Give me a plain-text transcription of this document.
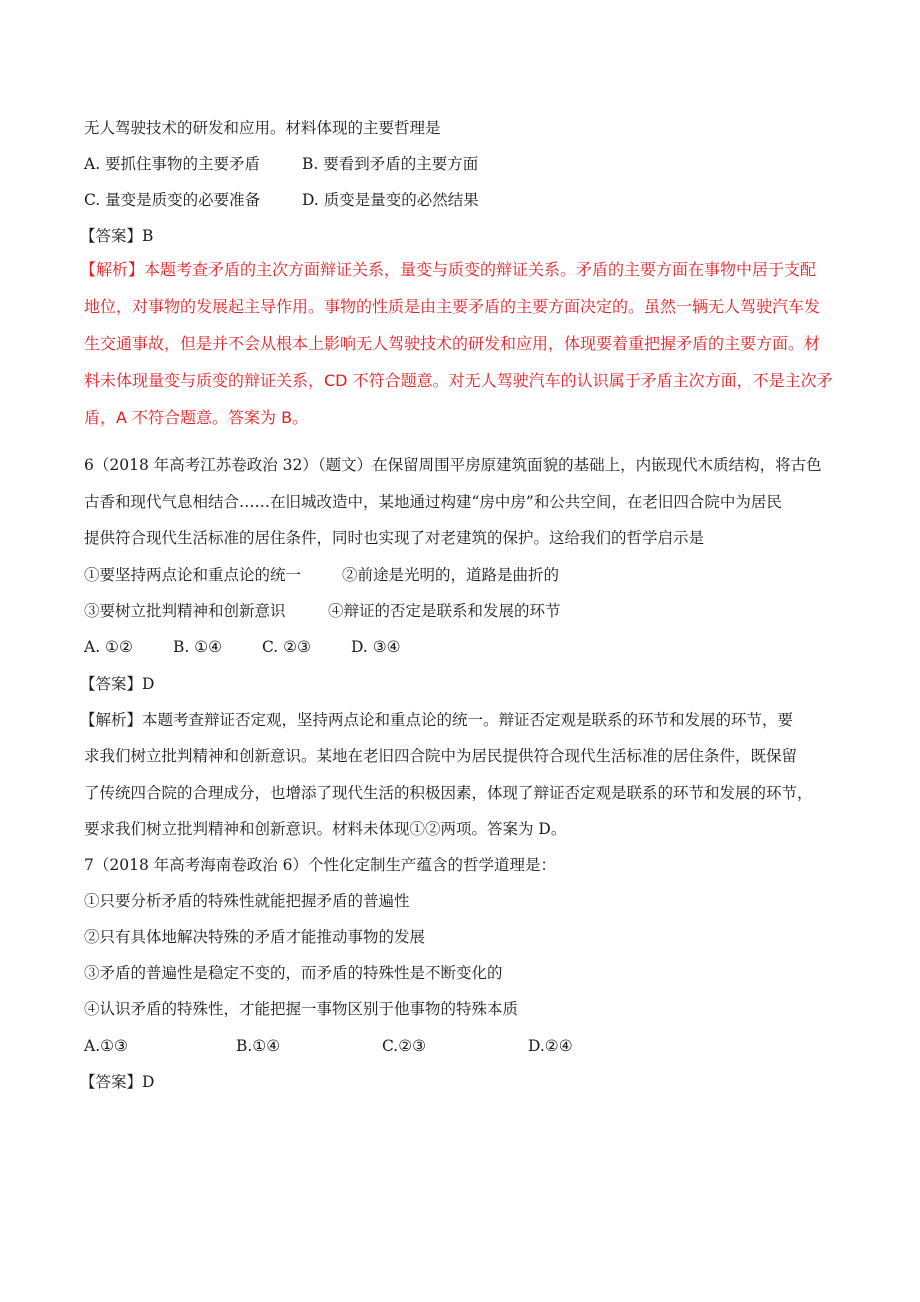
无人驾驶技术的研发和应用。材料体现的主要哲理是
A. 要抓住事物的主要矛盾	B. 要看到矛盾的主要方面
C. 量变是质变的必要准备	D. 质变是量变的必然结果
【答案】B
【解析】本题考查矛盾的主次方面辩证关系，量变与质变的辩证关系。矛盾的主要方面在事物中居于支配
地位，对事物的发展起主导作用。事物的性质是由主要矛盾的主要方面决定的。虽然一辆无人驾驶汽车发
生交通事故，但是并不会从根本上影响无人驾驶技术的研发和应用，体现要着重把握矛盾的主要方面。材
料未体现量变与质变的辩证关系，CD 不符合题意。对无人驾驶汽车的认识属于矛盾主次方面，不是主次矛
盾，A 不符合题意。答案为 B。
6（2018 年高考江苏卷政治 32）（题文）在保留周围平房原建筑面貌的基础上，内嵌现代木质结构，将古色
古香和现代气息相结合……在旧城改造中，某地通过构建“房中房”和公共空间，在老旧四合院中为居民
提供符合现代生活标准的居住条件，同时也实现了对老建筑的保护。这给我们的哲学启示是
①要坚持两点论和重点论的统一	②前途是光明的，道路是曲折的
③要树立批判精神和创新意识	④辩证的否定是联系和发展的环节
A. ①②	B. ①④	C. ②③	D. ③④
【答案】D
【解析】本题考查辩证否定观，坚持两点论和重点论的统一。辩证否定观是联系的环节和发展的环节，要
求我们树立批判精神和创新意识。某地在老旧四合院中为居民提供符合现代生活标准的居住条件，既保留
了传统四合院的合理成分，也增添了现代生活的积极因素，体现了辩证否定观是联系的环节和发展的环节，
要求我们树立批判精神和创新意识。材料未体现①②两项。答案为 D。
7（2018 年高考海南卷政治 6）个性化定制生产蕴含的哲学道理是：
①只要分析矛盾的特殊性就能把握矛盾的普遍性
②只有具体地解决特殊的矛盾才能推动事物的发展
③矛盾的普遍性是稳定不变的，而矛盾的特殊性是不断变化的
④认识矛盾的特殊性，才能把握一事物区别于他事物的特殊本质
A.①③	B.①④	C.②③	D.②④
【答案】D
